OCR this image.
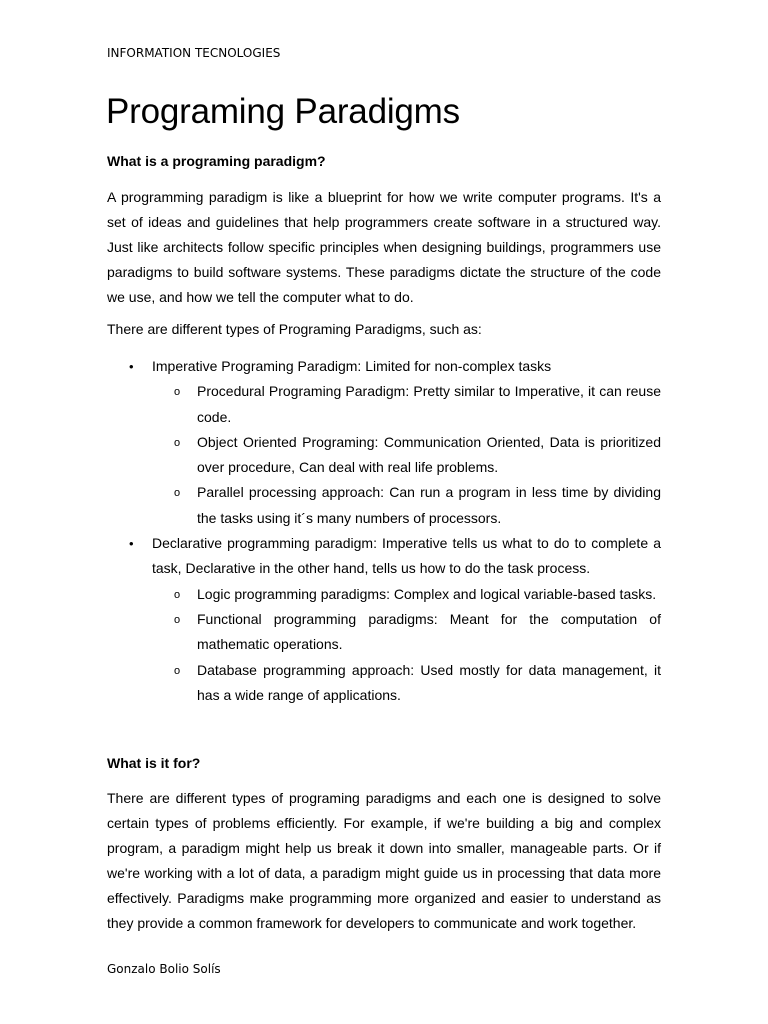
INFORMATION TECNOLOGIES
Programing Paradigms

What is a programing paradigm?

A programming paradigm is like a blueprint for how we write computer programs. It's a set of ideas and guidelines that help programmers create software in a structured way. Just like architects follow specific principles when designing buildings, programmers use paradigms to build software systems. These paradigms dictate the structure of the code we use, and how we tell the computer what to do.

There are different types of Programing Paradigms, such as:

• Imperative Programing Paradigm: Limited for non-complex tasks
o Procedural Programing Paradigm: Pretty similar to Imperative, it can reuse code.
o Object Oriented Programing: Communication Oriented, Data is prioritized over procedure, Can deal with real life problems.
o Parallel processing approach: Can run a program in less time by dividing the tasks using it´s many numbers of processors.
• Declarative programming paradigm: Imperative tells us what to do to complete a task, Declarative in the other hand, tells us how to do the task process.
o Logic programming paradigms: Complex and logical variable-based tasks.
o Functional programming paradigms: Meant for the computation of mathematic operations.
o Database programming approach: Used mostly for data management, it has a wide range of applications.

What is it for?

There are different types of programing paradigms and each one is designed to solve certain types of problems efficiently. For example, if we're building a big and complex program, a paradigm might help us break it down into smaller, manageable parts. Or if we're working with a lot of data, a paradigm might guide us in processing that data more effectively. Paradigms make programming more organized and easier to understand as they provide a common framework for developers to communicate and work together.

Gonzalo Bolio Solís
